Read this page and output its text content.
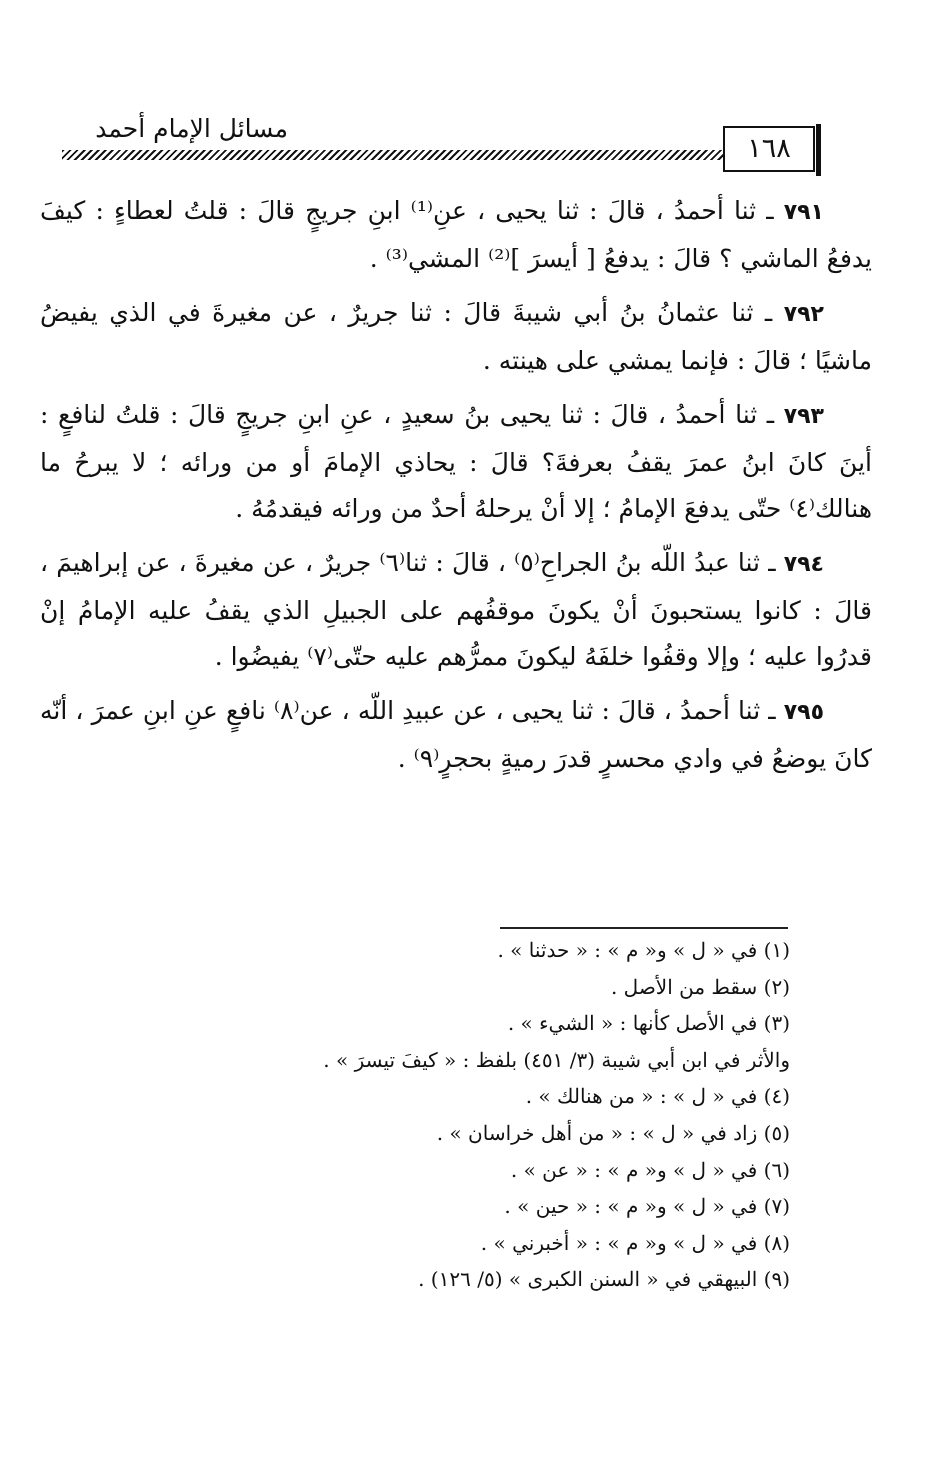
مسائل الإمام أحمد
١٦٨

٧٩١ ـ ثنا أحمدُ ، قالَ : ثنا يحيى ، عنِ⁽¹⁾ ابنِ جريجٍ قالَ : قلتُ لعطاءٍ : كيفَ يدفعُ الماشي ؟ قالَ : يدفعُ [ أيسرَ ]⁽²⁾ المشي⁽³⁾ .

٧٩٢ ـ ثنا عثمانُ بنُ أبي شيبةَ قالَ : ثنا جريرٌ ، عن مغيرةَ في الذي يفيضُ ماشيًا ؛ قالَ : فإنما يمشي على هينته .

٧٩٣ ـ ثنا أحمدُ ، قالَ : ثنا يحيى بنُ سعيدٍ ، عنِ ابنِ جريجٍ قالَ : قلتُ لنافعٍ : أينَ كانَ ابنُ عمرَ يقفُ بعرفةَ؟ قالَ : يحاذي الإمامَ أو من ورائه ؛ لا يبرحُ ما هنالك⁽٤⁾ حتّى يدفعَ الإمامُ ؛ إلا أنْ يرحلهُ أحدٌ من ورائه فيقدمُهُ .

٧٩٤ ـ ثنا عبدُ اللّه بنُ الجراحِ⁽٥⁾ ، قالَ : ثنا⁽٦⁾ جريرٌ ، عن مغيرةَ ، عن إبراهيمَ ، قالَ : كانوا يستحبونَ أنْ يكونَ موقفُهم على الجبيلِ الذي يقفُ عليه الإمامُ إنْ قدرُوا عليه ؛ وإلا وقفُوا خلفَهُ ليكونَ ممرُّهم عليه حتّى⁽٧⁾ يفيضُوا .

٧٩٥ ـ ثنا أحمدُ ، قالَ : ثنا يحيى ، عن عبيدِ اللّه ، عن⁽٨⁾ نافعٍ عنِ ابنِ عمرَ ، أنّه كانَ يوضعُ في وادي محسرٍ قدرَ رميةٍ بحجرٍ⁽٩⁾ .

(١) في « ل » و« م » : « حدثنا » .
(٢) سقط من الأصل .
(٣) في الأصل كأنها : « الشيء » .
والأثر في ابن أبي شيبة (٣/ ٤٥١) بلفظ : « كيفَ تيسرَ » .
(٤) في « ل » : « من هنالك » .
(٥) زاد في « ل » : « من أهل خراسان » .
(٦) في « ل » و« م » : « عن » .
(٧) في « ل » و« م » : « حين » .
(٨) في « ل » و« م » : « أخبرني » .
(٩) البيهقي في « السنن الكبرى » (٥/ ١٢٦) .
